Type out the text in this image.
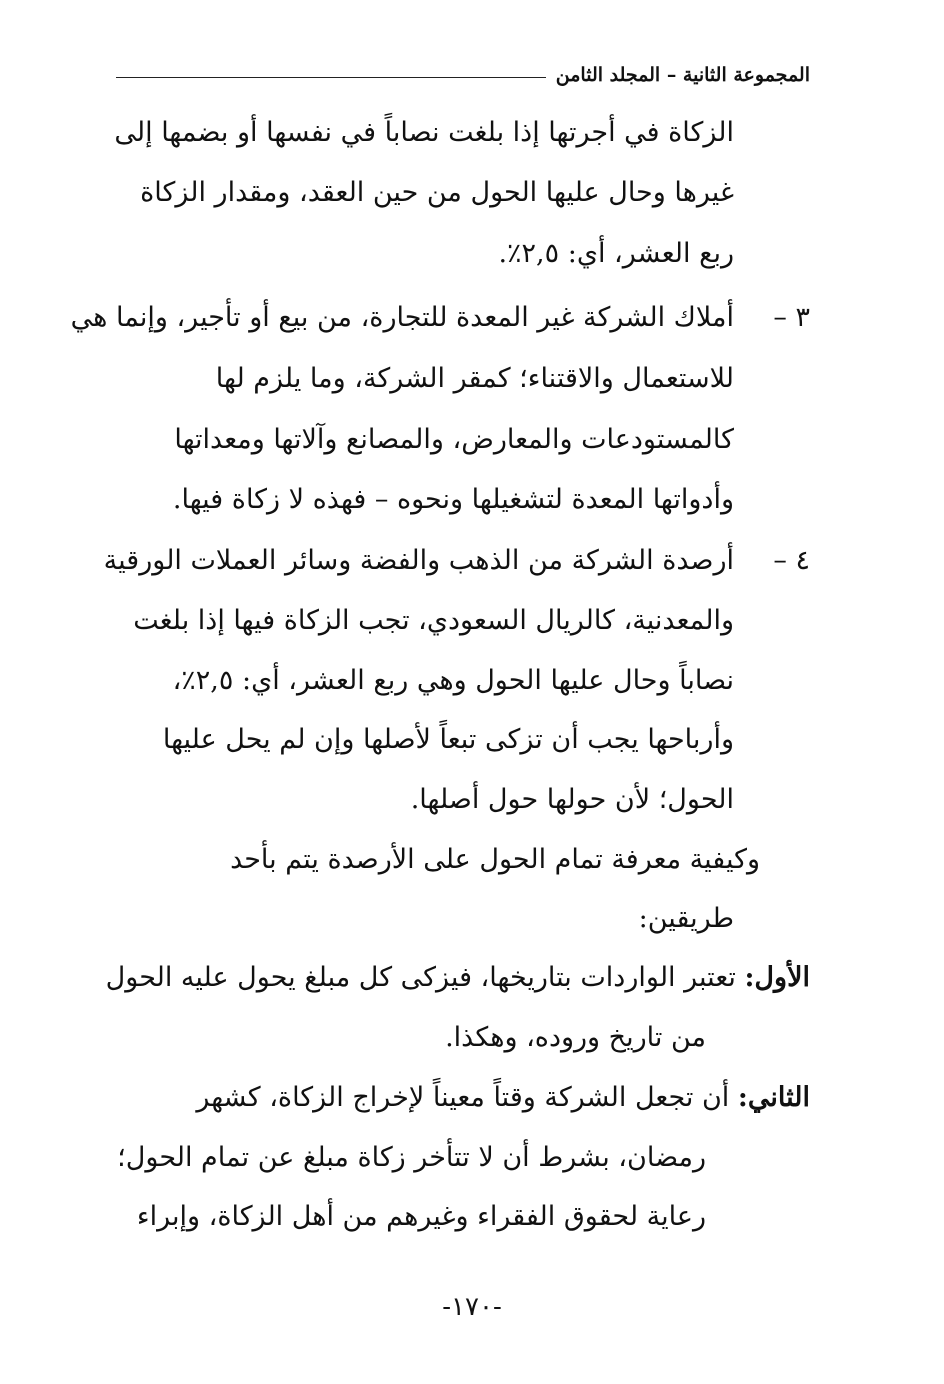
المجموعة الثانية – المجلد الثامن
الزكاة في أجرتها إذا بلغت نصاباً في نفسها أو بضمها إلى
غيرها وحال عليها الحول من حين العقد، ومقدار الزكاة
ربع العشر، أي: ٢,٥٪.
٣ –
أملاك الشركة غير المعدة للتجارة، من بيع أو تأجير، وإنما هي
للاستعمال والاقتناء؛ كمقر الشركة، وما يلزم لها
كالمستودعات والمعارض، والمصانع وآلاتها ومعداتها
وأدواتها المعدة لتشغيلها ونحوه – فهذه لا زكاة فيها.
٤ –
أرصدة الشركة من الذهب والفضة وسائر العملات الورقية
والمعدنية، كالريال السعودي، تجب الزكاة فيها إذا بلغت
نصاباً وحال عليها الحول وهي ربع العشر، أي: ٢,٥٪،
وأرباحها يجب أن تزكى تبعاً لأصلها وإن لم يحل عليها
الحول؛ لأن حولها حول أصلها.
وكيفية معرفة تمام الحول على الأرصدة يتم بأحد
طريقين:
الأول: تعتبر الواردات بتاريخها، فيزكى كل مبلغ يحول عليه الحول
من تاريخ وروده، وهكذا.
الثاني: أن تجعل الشركة وقتاً معيناً لإخراج الزكاة، كشهر
رمضان، بشرط أن لا تتأخر زكاة مبلغ عن تمام الحول؛
رعاية لحقوق الفقراء وغيرهم من أهل الزكاة، وإبراء
-١٧٠-
